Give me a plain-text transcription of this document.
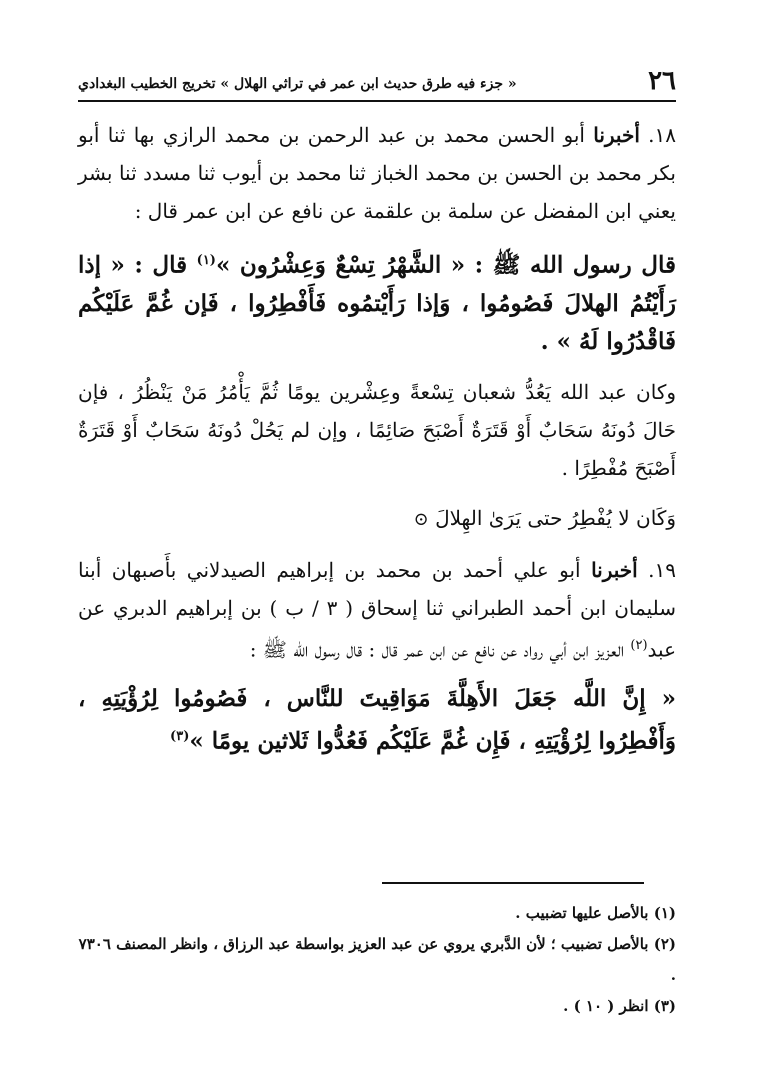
٢٦
« جزء فيه طرق حديث ابن عمر في تراثي الهلال » تخريج الخطيب البغدادي

١٨. أخبرنا أبو الحسن محمد بن عبد الرحمن بن محمد الرازي بها ثنا أبو بكر محمد بن الحسن بن محمد الخباز ثنا محمد بن أيوب ثنا مسدد ثنا بشر يعني ابن المفضل عن سلمة بن علقمة عن نافع عن ابن عمر قال :

قال رسول الله ﷺ : « الشَّهْرُ تِسْعٌ وَعِشْرُون »$^{(١)}$ قال : « إذا رَأَيْتُمُ الهلالَ فَصُومُوا ، وَإذا رَأَيْتمُوه فَأَفْطِرُوا ، فَإن غُمَّ عَلَيْكُم فَاقْدُرُوا لَهُ » .

وكان عبد الله يَعُدُّ شعبان تِسْعةً وعِشْرين يومًا ثُمَّ يَأْمُرُ مَنْ يَنْظُرُ ، فإن حَالَ دُونَهُ سَحَابٌ أَوْ قَتَرَةٌ أَصْبَحَ صَائِمًا ، وإن لم يَحُلْ دُونَهُ سَحَابٌ أَوْ قَتَرَةٌ أَصْبَحَ مُفْطِرًا .

وَكَان لا يُفْطِرُ حتى يَرَىٰ الهِلالَ ⊙

١٩. أخبرنا أبو علي أحمد بن محمد بن إبراهيم الصيدلاني بأَصبهان أبنا سليمان ابن أحمد الطبراني ثنا إسحاق ( ٣ / ب ) بن إبراهيم الدبري عن عبد$^{(٢)}$ العزيز ابن أبي رواد عن نافع عن ابن عمر قال : قال رسول الله ﷺ :

« إِنَّ اللَّه جَعَلَ الأَهِلَّةَ مَوَاقِيتَ للنَّاس ، فَصُومُوا لِرُؤْيَتِهِ ، وَأَفْطِرُوا لِرُؤْيَتِهِ ، فَإِن غُمَّ عَلَيْكُم فَعُدُّوا ثَلاثين يومًا »$^{(٣)}$

(١) بالأصل عليها تضبيب .

(٢) بالأصل تضبيب ؛ لأن الدَّبري يروي عن عبد العزيز بواسطة عبد الرزاق ، وانظر المصنف ٧٣٠٦ .

(٣) انظر ( ١٠ ) .
